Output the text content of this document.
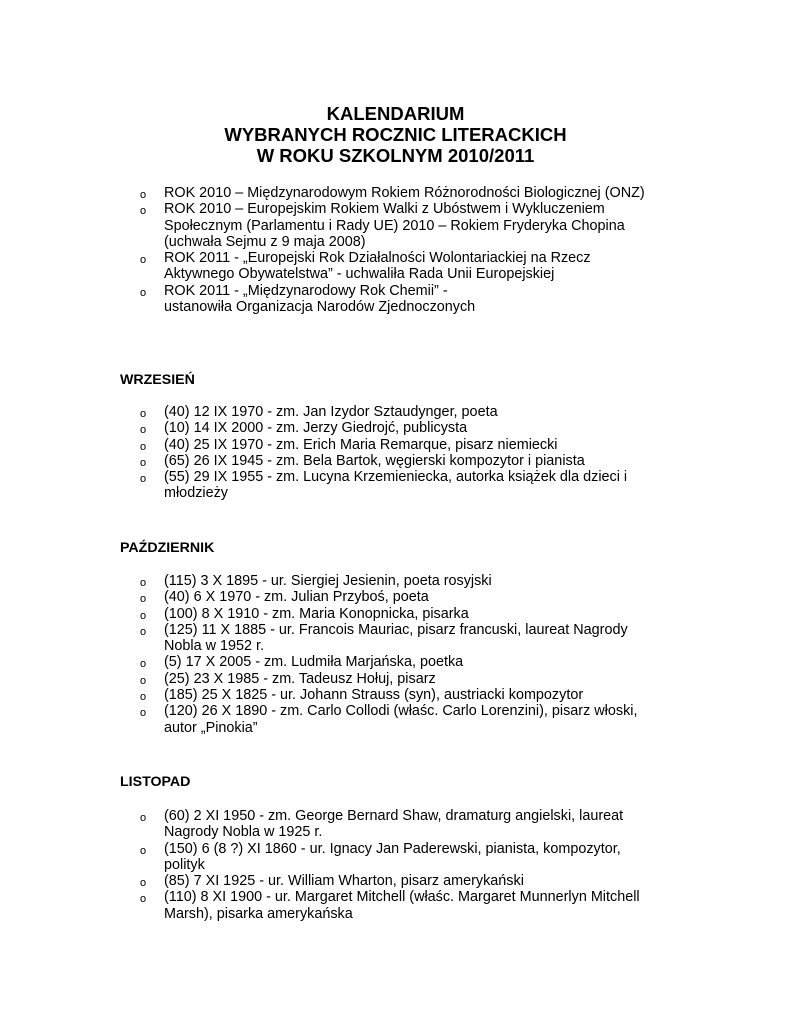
KALENDARIUM
WYBRANYCH ROCZNIC LITERACKICH
W ROKU SZKOLNYM 2010/2011
o ROK 2010 – Międzynarodowym Rokiem Różnorodności Biologicznej (ONZ)
o ROK 2010 – Europejskim Rokiem Walki z Ubóstwem i Wykluczeniem Społecznym (Parlamentu i Rady UE) 2010 – Rokiem Fryderyka Chopina (uchwała Sejmu z 9 maja 2008)
o ROK 2011 - „Europejski Rok Działalności Wolontariackiej na Rzecz Aktywnego Obywatelstwa” - uchwaliła Rada Unii Europejskiej
o ROK 2011 - „Międzynarodowy Rok Chemii” - ustanowiła Organizacja Narodów Zjednoczonych
WRZESIEŃ
o (40) 12 IX 1970 - zm. Jan Izydor Sztaudynger, poeta
o (10) 14 IX 2000 - zm. Jerzy Giedrojć, publicysta
o (40) 25 IX 1970 - zm. Erich Maria Remarque, pisarz niemiecki
o (65) 26 IX 1945 - zm. Bela Bartok, węgierski kompozytor i pianista
o (55) 29 IX 1955 - zm. Lucyna Krzemieniecka, autorka książek dla dzieci i młodzieży
PAŹDZIERNIK
o (115) 3 X 1895 - ur. Siergiej Jesienin, poeta rosyjski
o (40) 6 X 1970 - zm. Julian Przyboś, poeta
o (100) 8 X 1910 - zm. Maria Konopnicka, pisarka
o (125) 11 X 1885 - ur. Francois Mauriac, pisarz francuski, laureat Nagrody Nobla w 1952 r.
o (5) 17 X 2005 - zm. Ludmiła Marjańska, poetka
o (25) 23 X 1985 - zm. Tadeusz Hołuj, pisarz
o (185) 25 X 1825 - ur. Johann Strauss (syn), austriacki kompozytor
o (120) 26 X 1890 - zm. Carlo Collodi (właśc. Carlo Lorenzini), pisarz włoski, autor „Pinokia”
LISTOPAD
o (60) 2 XI 1950 - zm. George Bernard Shaw, dramaturg angielski, laureat Nagrody Nobla w 1925 r.
o (150) 6 (8 ?) XI 1860 - ur. Ignacy Jan Paderewski, pianista, kompozytor, polityk
o (85) 7 XI 1925 - ur. William Wharton, pisarz amerykański
o (110) 8 XI 1900 - ur. Margaret Mitchell (właśc. Margaret Munnerlyn Mitchell Marsh), pisarka amerykańska
